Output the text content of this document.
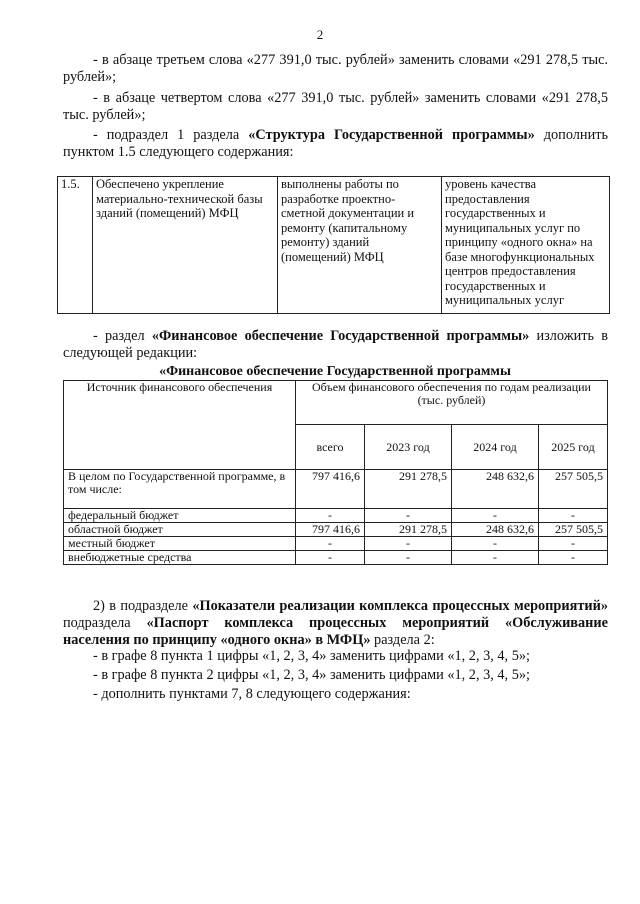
2
- в абзаце третьем слова «277 391,0 тыс. рублей» заменить словами «291 278,5 тыс. рублей»;
- в абзаце четвертом слова «277 391,0 тыс. рублей» заменить словами «291 278,5 тыс. рублей»;
- подраздел 1 раздела «Структура Государственной программы» дополнить пунктом 1.5 следующего содержания:
1.5.	Обеспечено укрепление материально-технической базы зданий (помещений) МФЦ	выполнены работы по разработке проектно-сметной документации и ремонту (капитальному ремонту) зданий (помещений) МФЦ	уровень качества предоставления государственных и муниципальных услуг по принципу «одного окна» на базе многофункциональных центров предоставления государственных и муниципальных услуг
- раздел «Финансовое обеспечение Государственной программы» изложить в следующей редакции:
«Финансовое обеспечение Государственной программы
Источник финансового обеспечения	Объем финансового обеспечения по годам реализации (тыс. рублей)			
	всего	2023 год	2024 год	2025 год
В целом по Государственной программе, в том числе:	797 416,6	291 278,5	248 632,6	257 505,5
федеральный бюджет	-	-	-	-
областной бюджет	797 416,6	291 278,5	248 632,6	257 505,5
местный бюджет	-	-	-	-
внебюджетные средства	-	-	-	-
2) в подразделе «Показатели реализации комплекса процессных мероприятий» подраздела «Паспорт комплекса процессных мероприятий «Обслуживание населения по принципу «одного окна» в МФЦ» раздела 2:
- в графе 8 пункта 1 цифры «1, 2, 3, 4» заменить цифрами «1, 2, 3, 4, 5»;
- в графе 8 пункта 2 цифры «1, 2, 3, 4» заменить цифрами «1, 2, 3, 4, 5»;
- дополнить пунктами 7, 8 следующего содержания:
